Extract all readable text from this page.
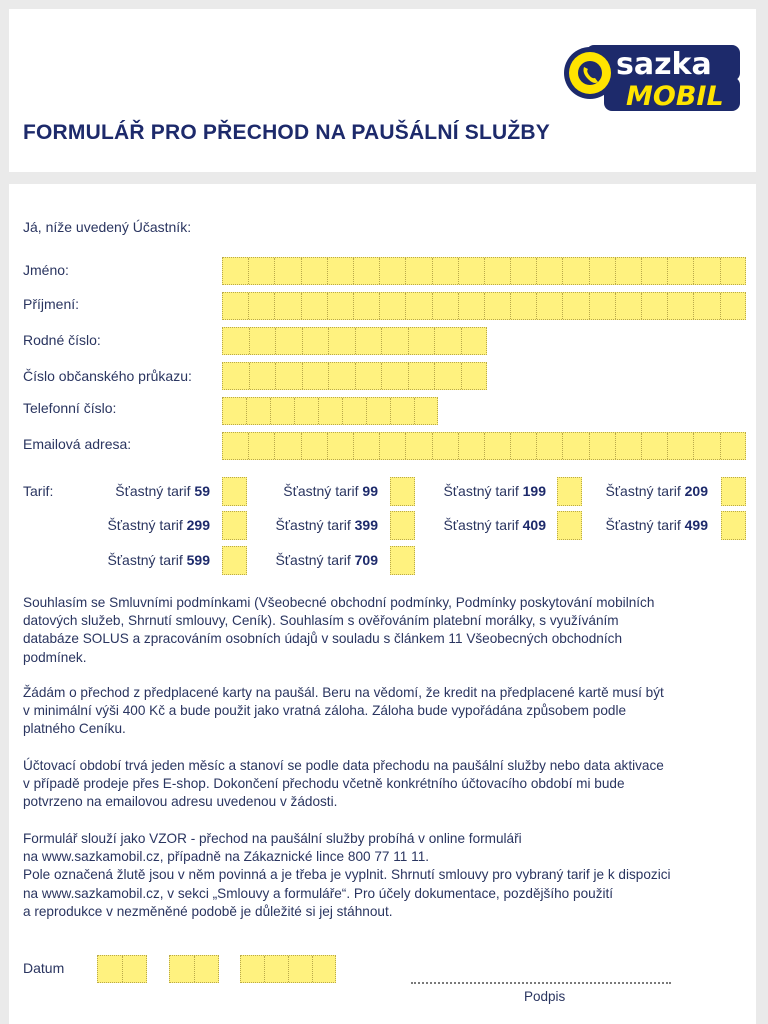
sazka
MOBIL
FORMULÁŘ PRO PŘECHOD NA PAUŠÁLNÍ SLUŽBY
Já, níže uvedený Účastník:
Jméno:
Příjmení:
Rodné číslo:
Číslo občanského průkazu:
Telefonní číslo:
Emailová adresa:
Tarif:	Šťastný tarif 59	Šťastný tarif 99	Šťastný tarif 199	Šťastný tarif 209
Šťastný tarif 299	Šťastný tarif 399	Šťastný tarif 409	Šťastný tarif 499
Šťastný tarif 599	Šťastný tarif 709
Souhlasím se Smluvními podmínkami (Všeobecné obchodní podmínky, Podmínky poskytování mobilních
datových služeb, Shrnutí smlouvy, Ceník). Souhlasím s ověřováním platební morálky, s využíváním
databáze SOLUS a zpracováním osobních údajů v souladu s článkem 11 Všeobecných obchodních
podmínek.
Žádám o přechod z předplacené karty na paušál. Beru na vědomí, že kredit na předplacené kartě musí být
v minimální výši 400 Kč a bude použit jako vratná záloha. Záloha bude vypořádána způsobem podle
platného Ceníku.
Účtovací období trvá jeden měsíc a stanoví se podle data přechodu na paušální služby nebo data aktivace
v případě prodeje přes E-shop. Dokončení přechodu včetně konkrétního účtovacího období mi bude
potvrzeno na emailovou adresu uvedenou v žádosti.
Formulář slouží jako VZOR - přechod na paušální služby probíhá v online formuláři
na www.sazkamobil.cz, případně na Zákaznické lince 800 77 11 11.
Pole označená žlutě jsou v něm povinná a je třeba je vyplnit. Shrnutí smlouvy pro vybraný tarif je k dispozici
na www.sazkamobil.cz, v sekci „Smlouvy a formuláře“. Pro účely dokumentace, pozdějšího použití
a reprodukce v nezměněné podobě je důležité si jej stáhnout.
Datum
Podpis
